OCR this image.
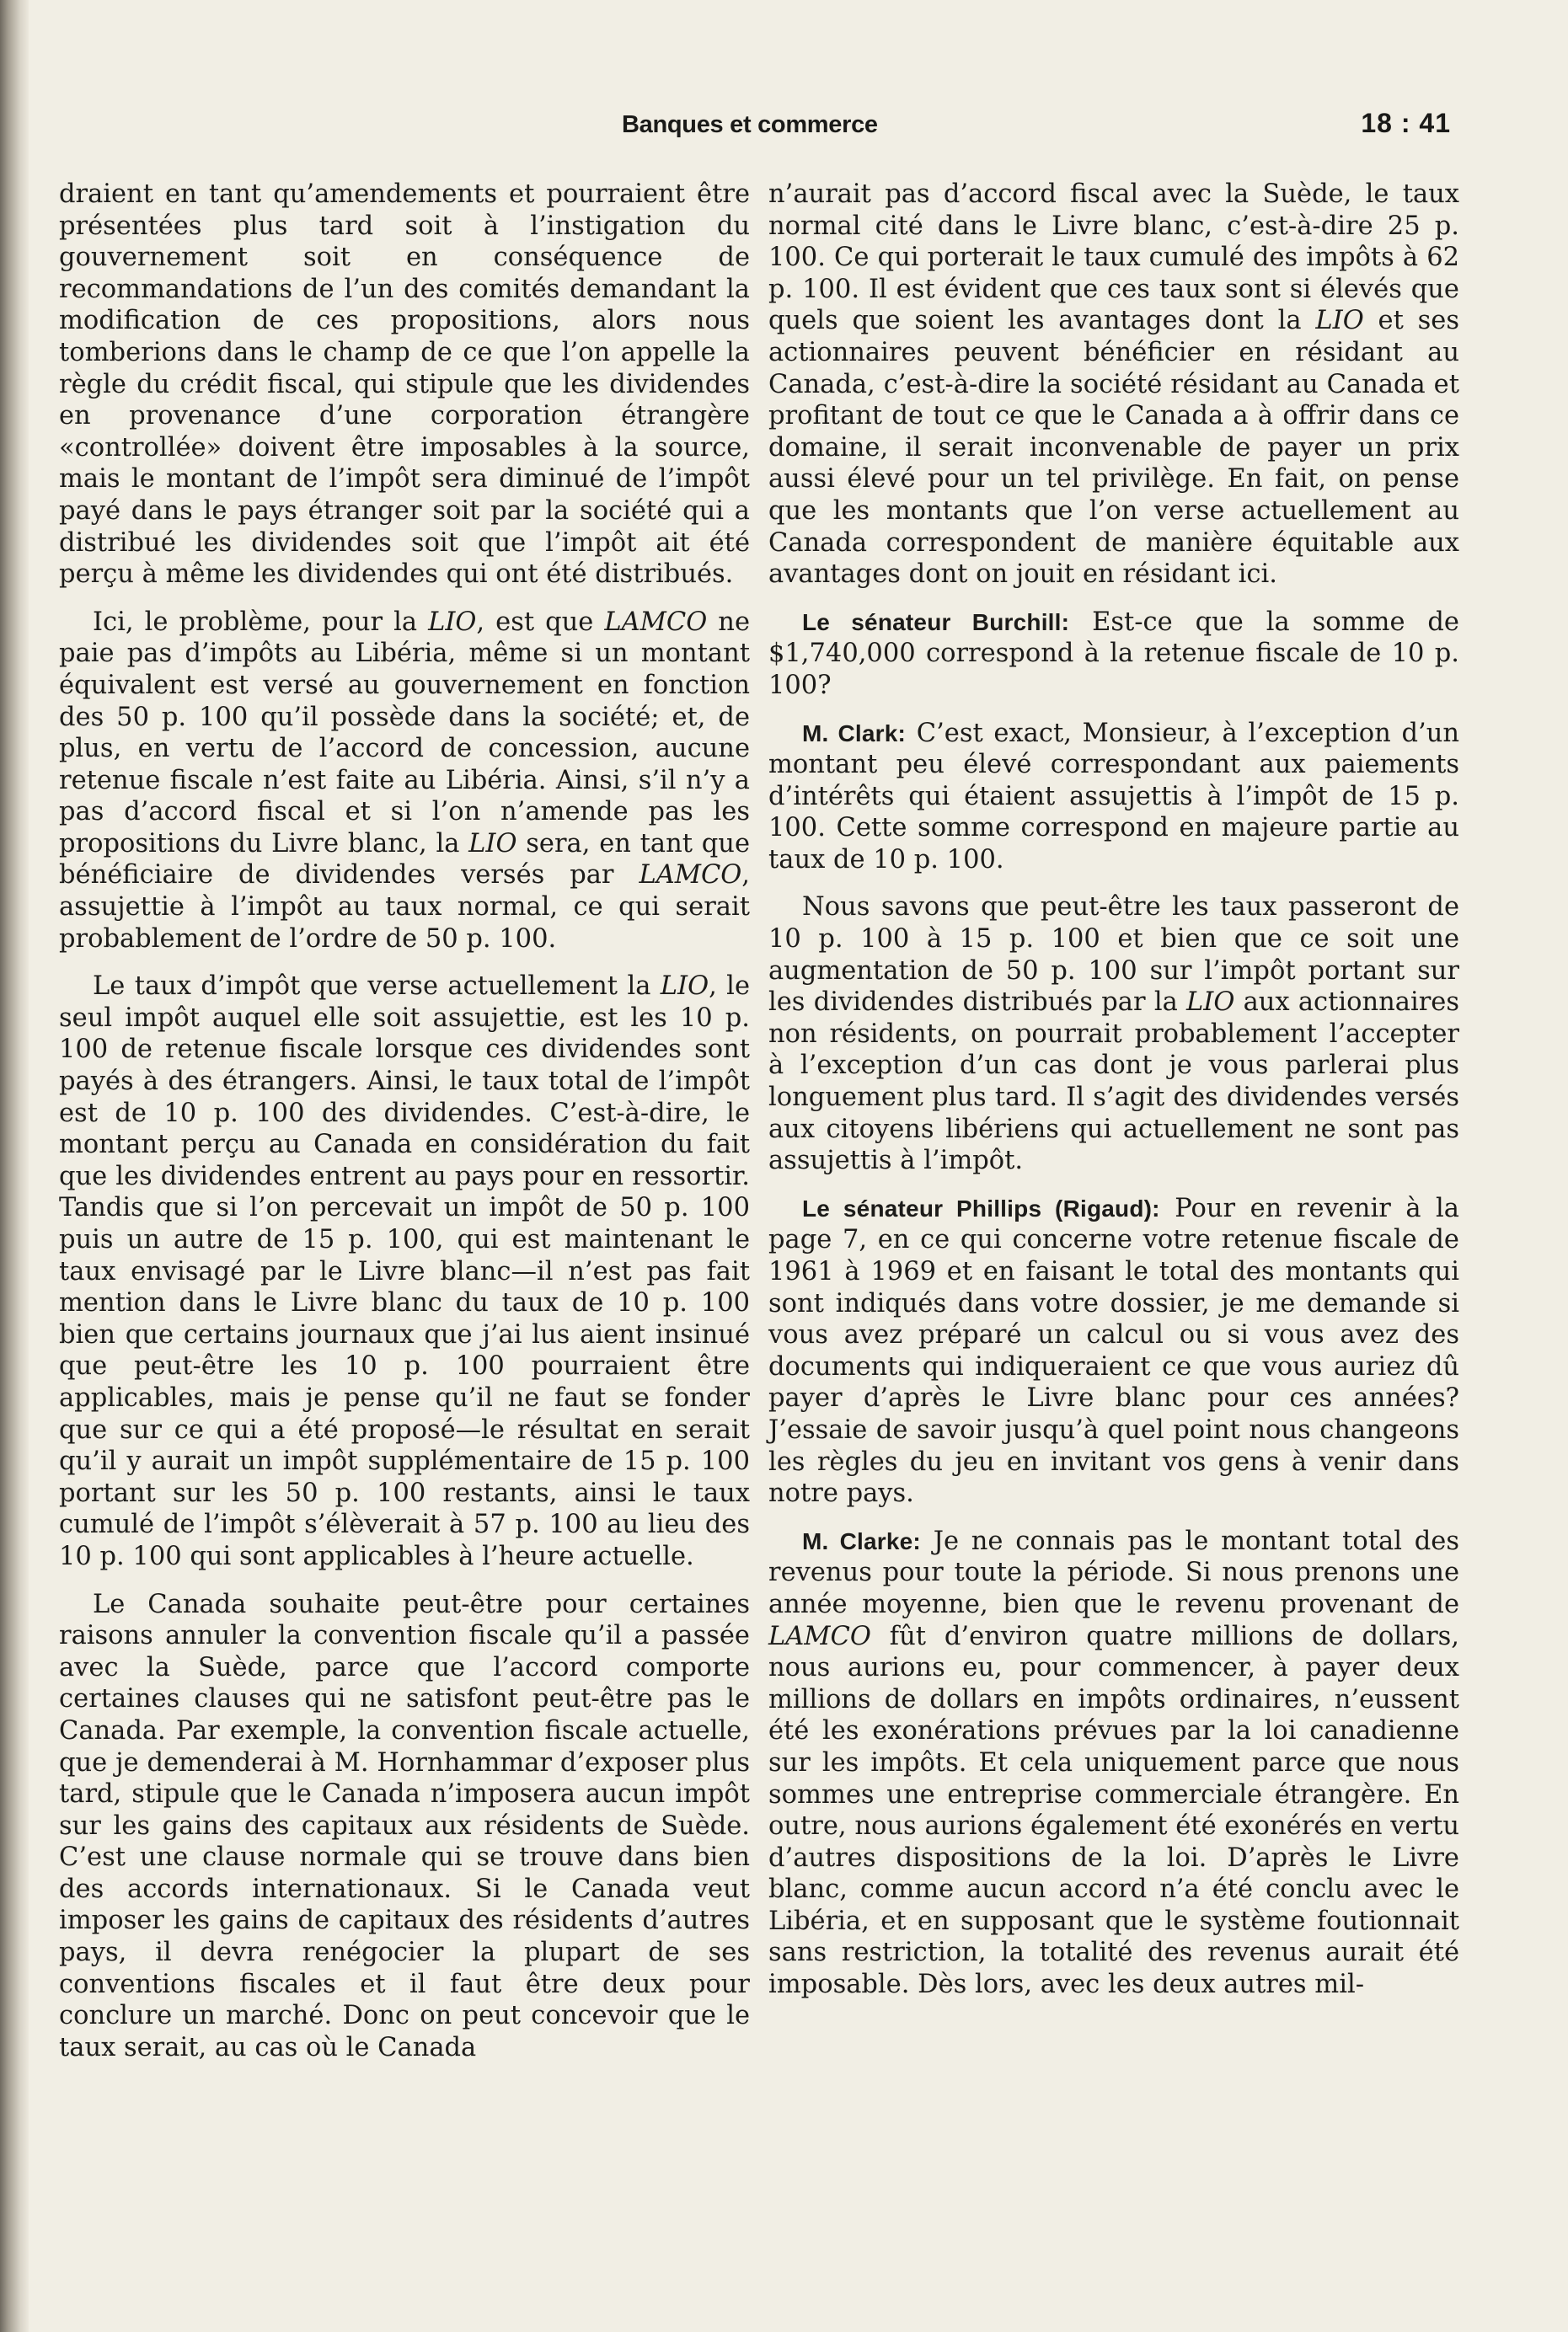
Banques et commerce	18 : 41

draient en tant qu’amendements et pourraient être présentées plus tard soit à l’instigation du gouvernement soit en conséquence de recommandations de l’un des comités demandant la modification de ces propositions, alors nous tomberions dans le champ de ce que l’on appelle la règle du crédit fiscal, qui stipule que les dividendes en provenance d’une corporation étrangère «controllée» doivent être imposables à la source, mais le montant de l’impôt sera diminué de l’impôt payé dans le pays étranger soit par la société qui a distribué les dividendes soit que l’impôt ait été perçu à même les dividendes qui ont été distribués.

Ici, le problème, pour la LIO, est que LAMCO ne paie pas d’impôts au Libéria, même si un montant équivalent est versé au gouvernement en fonction des 50 p. 100 qu’il possède dans la société; et, de plus, en vertu de l’accord de concession, aucune retenue fiscale n’est faite au Libéria. Ainsi, s’il n’y a pas d’accord fiscal et si l’on n’amende pas les propositions du Livre blanc, la LIO sera, en tant que bénéficiaire de dividendes versés par LAMCO, assujettie à l’impôt au taux normal, ce qui serait probablement de l’ordre de 50 p. 100.

Le taux d’impôt que verse actuellement la LIO, le seul impôt auquel elle soit assujettie, est les 10 p. 100 de retenue fiscale lorsque ces dividendes sont payés à des étrangers. Ainsi, le taux total de l’impôt est de 10 p. 100 des dividendes. C’est-à-dire, le montant perçu au Canada en considération du fait que les dividendes entrent au pays pour en ressortir. Tandis que si l’on percevait un impôt de 50 p. 100 puis un autre de 15 p. 100, qui est maintenant le taux envisagé par le Livre blanc—il n’est pas fait mention dans le Livre blanc du taux de 10 p. 100 bien que certains journaux que j’ai lus aient insinué que peut-être les 10 p. 100 pourraient être applicables, mais je pense qu’il ne faut se fonder que sur ce qui a été proposé—le résultat en serait qu’il y aurait un impôt supplémentaire de 15 p. 100 portant sur les 50 p. 100 restants, ainsi le taux cumulé de l’impôt s’élèverait à 57 p. 100 au lieu des 10 p. 100 qui sont applicables à l’heure actuelle.

Le Canada souhaite peut-être pour certaines raisons annuler la convention fiscale qu’il a passée avec la Suède, parce que l’accord comporte certaines clauses qui ne satisfont peut-être pas le Canada. Par exemple, la convention fiscale actuelle, que je demenderai à M. Hornhammar d’exposer plus tard, stipule que le Canada n’imposera aucun impôt sur les gains des capitaux aux résidents de Suède. C’est une clause normale qui se trouve dans bien des accords internationaux. Si le Canada veut imposer les gains de capitaux des résidents d’autres pays, il devra renégocier la plupart de ses conventions fiscales et il faut être deux pour conclure un marché. Donc on peut concevoir que le taux serait, au cas où le Canada

n’aurait pas d’accord fiscal avec la Suède, le taux normal cité dans le Livre blanc, c’est-à-dire 25 p. 100. Ce qui porterait le taux cumulé des impôts à 62 p. 100. Il est évident que ces taux sont si élevés que quels que soient les avantages dont la LIO et ses actionnaires peuvent bénéficier en résidant au Canada, c’est-à-dire la société résidant au Canada et profitant de tout ce que le Canada a à offrir dans ce domaine, il serait inconvenable de payer un prix aussi élevé pour un tel privilège. En fait, on pense que les montants que l’on verse actuellement au Canada correspondent de manière équitable aux avantages dont on jouit en résidant ici.

Le sénateur Burchill: Est-ce que la somme de $1,740,000 correspond à la retenue fiscale de 10 p. 100?

M. Clark: C’est exact, Monsieur, à l’exception d’un montant peu élevé correspondant aux paiements d’intérêts qui étaient assujettis à l’impôt de 15 p. 100. Cette somme correspond en majeure partie au taux de 10 p. 100.

Nous savons que peut-être les taux passeront de 10 p. 100 à 15 p. 100 et bien que ce soit une augmentation de 50 p. 100 sur l’impôt portant sur les dividendes distribués par la LIO aux actionnaires non résidents, on pourrait probablement l’accepter à l’exception d’un cas dont je vous parlerai plus longuement plus tard. Il s’agit des dividendes versés aux citoyens libériens qui actuellement ne sont pas assujettis à l’impôt.

Le sénateur Phillips (Rigaud): Pour en revenir à la page 7, en ce qui concerne votre retenue fiscale de 1961 à 1969 et en faisant le total des montants qui sont indiqués dans votre dossier, je me demande si vous avez préparé un calcul ou si vous avez des documents qui indiqueraient ce que vous auriez dû payer d’après le Livre blanc pour ces années? J’essaie de savoir jusqu’à quel point nous changeons les règles du jeu en invitant vos gens à venir dans notre pays.

M. Clarke: Je ne connais pas le montant total des revenus pour toute la période. Si nous prenons une année moyenne, bien que le revenu provenant de LAMCO fût d’environ quatre millions de dollars, nous aurions eu, pour commencer, à payer deux millions de dollars en impôts ordinaires, n’eussent été les exonérations prévues par la loi canadienne sur les impôts. Et cela uniquement parce que nous sommes une entreprise commerciale étrangère. En outre, nous aurions également été exonérés en vertu d’autres dispositions de la loi. D’après le Livre blanc, comme aucun accord n’a été conclu avec le Libéria, et en supposant que le système foutionnait sans restriction, la totalité des revenus aurait été imposable. Dès lors, avec les deux autres mil-
